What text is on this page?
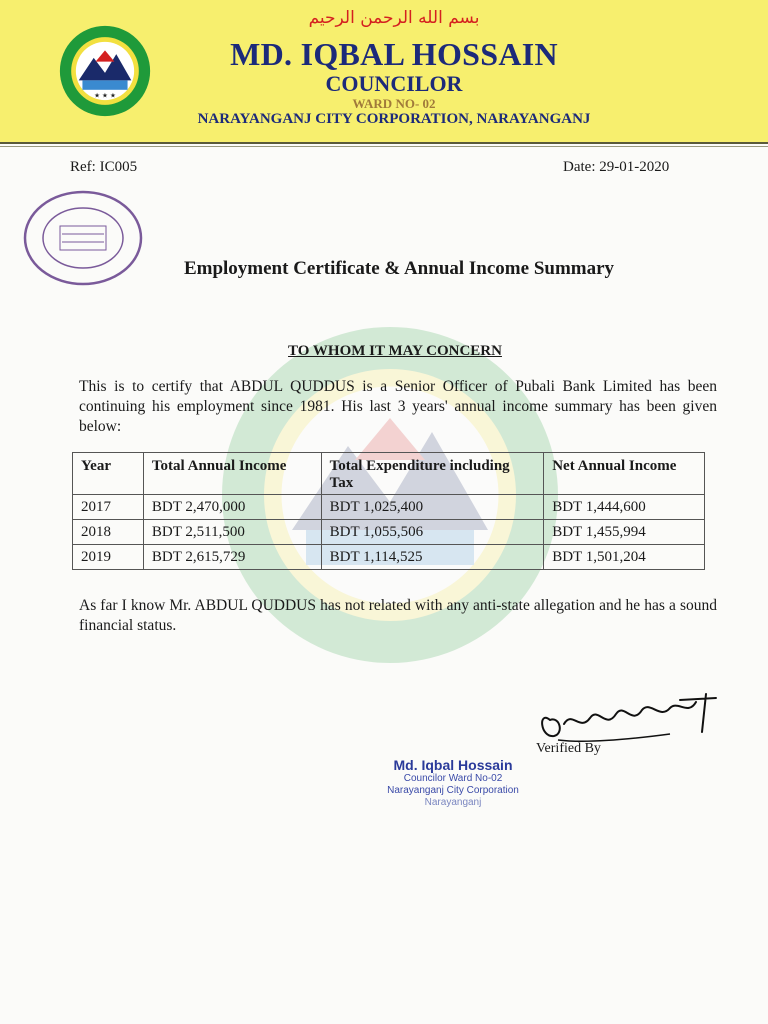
★ ★ ★
بسم الله الرحمن الرحيم
MD. IQBAL HOSSAIN
COUNCILOR
WARD NO- 02
NARAYANGANJ CITY CORPORATION, NARAYANGANJ
Ref: IC005	Date: 29-01-2020
Employment Certificate & Annual Income Summary
TO WHOM IT MAY CONCERN
This is to certify that ABDUL QUDDUS is a Senior Officer of Pubali Bank Limited has been continuing his employment since 1981. His last 3 years' annual income summary has been given below:
Year	Total Annual Income	Total Expenditure including Tax	Net Annual Income
2017	BDT 2,470,000	BDT 1,025,400	BDT 1,444,600
2018	BDT 2,511,500	BDT 1,055,506	BDT 1,455,994
2019	BDT 2,615,729	BDT 1,114,525	BDT 1,501,204
As far I know Mr. ABDUL QUDDUS has not related with any anti-state allegation and he has a sound financial status.
Verified By
Md. Iqbal Hossain
Councilor Ward No-02
Narayanganj City Corporation
Narayanganj
